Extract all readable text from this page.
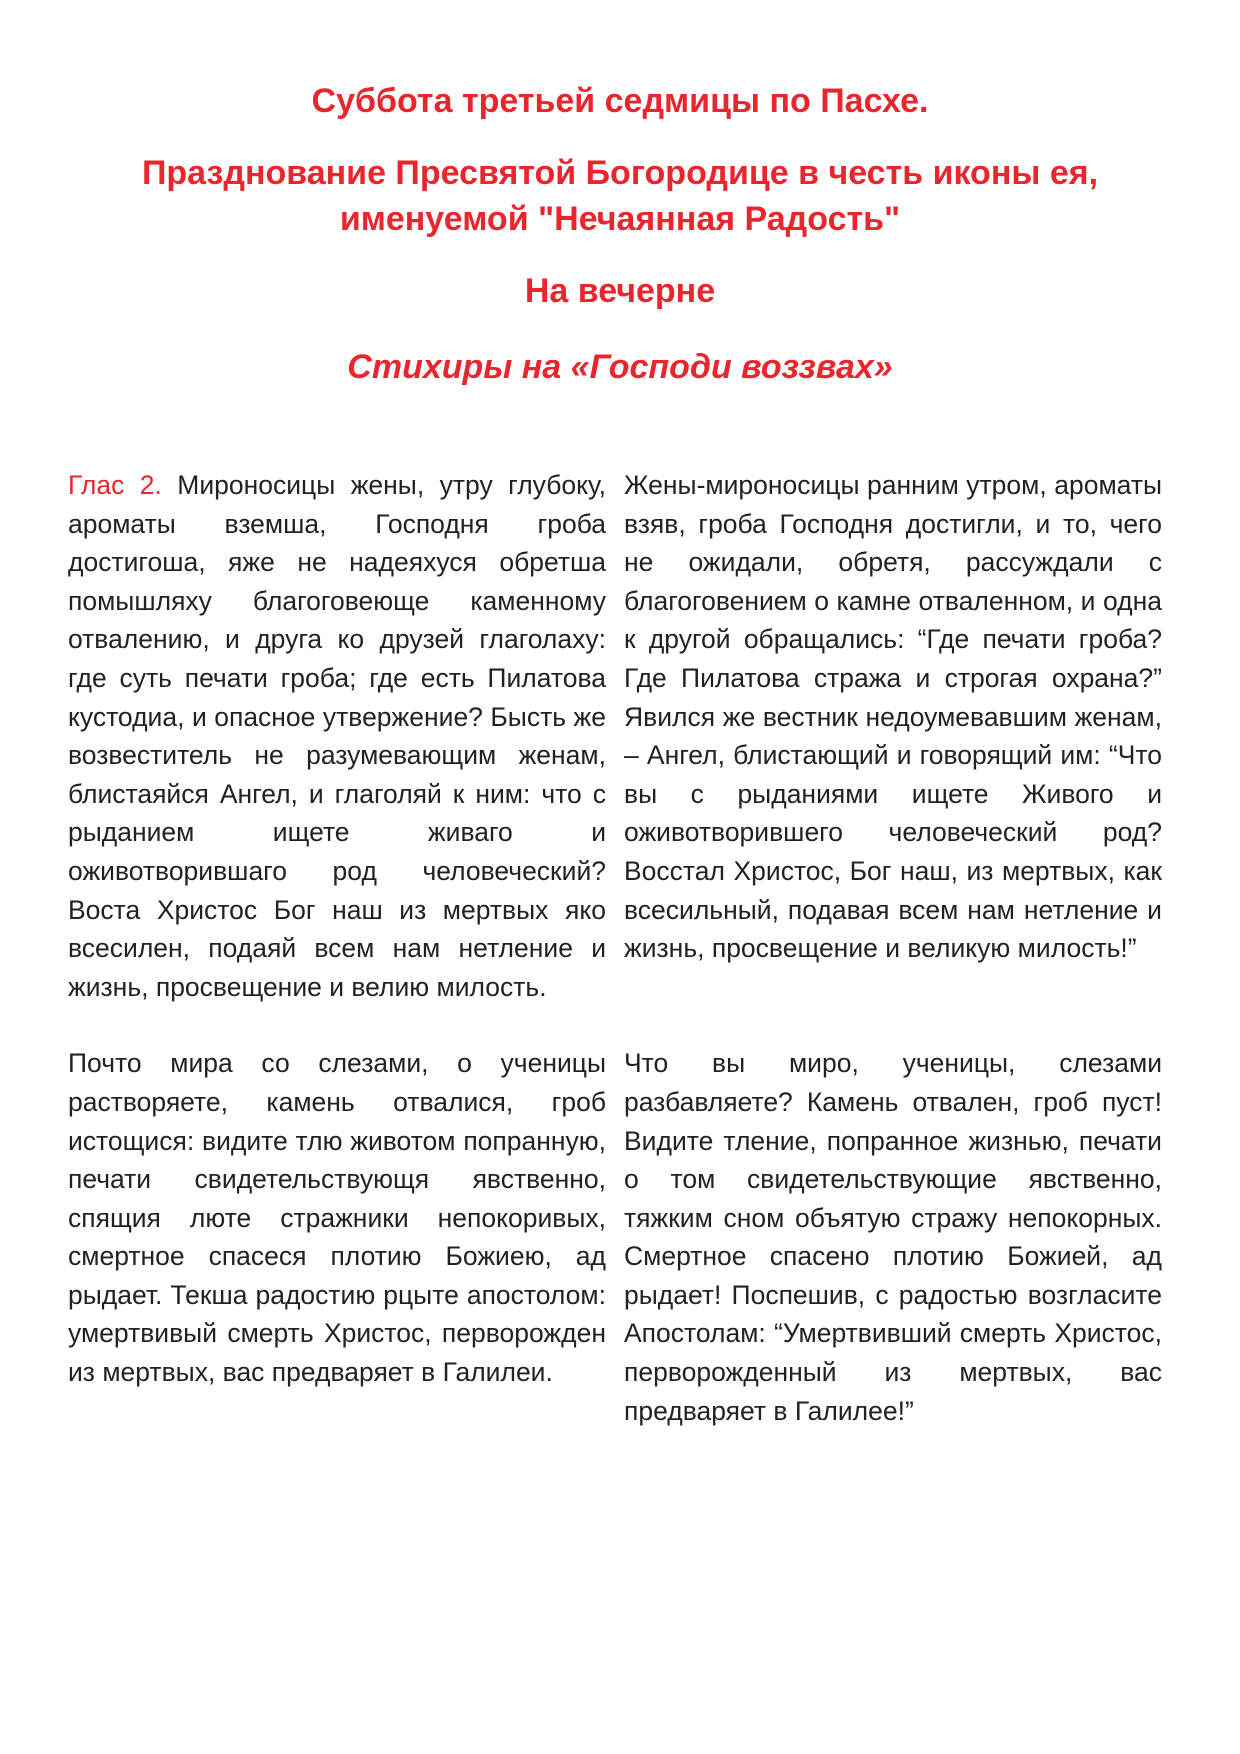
Суббота третьей седмицы по Пасхе.

Празднование Пресвятой Богородице в честь иконы ея,

именуемой "Нечаянная Радость"

На вечерне

Стихиры на «Господи воззвах»

Глас 2. Мироносицы жены, утру глубоку, ароматы вземша, Господня гроба достигоша, яже не надеяхуся обретша помышляху благоговеюще каменному отвалению, и друга ко друзей глаголаху: где суть печати гроба; где есть Пилатова кустодиа, и опасное утвержение? Бысть же возвеститель не разумевающим женам, блистаяйся Ангел, и глаголяй к ним: что с рыданием ищете живаго и оживотворившаго род человеческий? Воста Христос Бог наш из мертвых яко всесилен, подаяй всем нам нетление и жизнь, просвещение и велию милость.

Жены-мироносицы ранним утром, ароматы взяв, гроба Господня достигли, и то, чего не ожидали, обретя, рассуждали с благоговением о камне отваленном, и одна к другой обращались: “Где печати гроба? Где Пилатова стража и строгая охрана?” Явился же вестник недоумевавшим женам, – Ангел, блистающий и говорящий им: “Что вы с рыданиями ищете Живого и оживотворившего человеческий род? Восстал Христос, Бог наш, из мертвых, как всесильный, подавая всем нам нетление и жизнь, просвещение и великую милость!”

Почто мира со слезами, о ученицы растворяете, камень отвалися, гроб истощися: видите тлю животом попранную, печати свидетельствующя явственно, спящия люте стражники непокоривых, смертное спасеся плотию Божиею, ад рыдает. Текша радостию рцыте апостолом: умертвивый смерть Христос, перворожден из мертвых, вас предваряет в Галилеи.

Что вы миро, ученицы, слезами разбавляете? Камень отвален, гроб пуст! Видите тление, попранное жизнью, печати о том свидетельствующие явственно, тяжким сном объятую стражу непокорных. Смертное спасено плотию Божией, ад рыдает! Поспешив, с радостью возгласите Апостолам: “Умертвивший смерть Христос, перворожденный из мертвых, вас предваряет в Галилее!”
